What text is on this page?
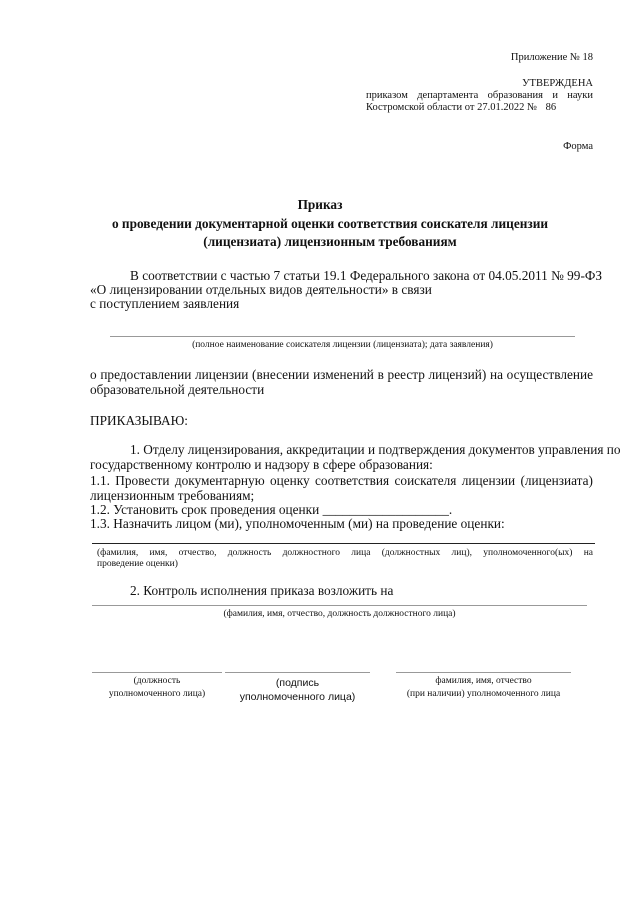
Приложение № 18
УТВЕРЖДЕНА
приказом департамента образования и науки
Костромской области от 27.01.2022 № 86
Форма
Приказ
о проведении документарной оценки соответствия соискателя лицензии
(лицензиата) лицензионным требованиям
В соответствии с частью 7 статьи 19.1 Федерального закона от 04.05.2011 № 99-ФЗ
«О лицензировании отдельных видов деятельности» в связи
с поступлением заявления
(полное наименование соискателя лицензии (лицензиата); дата заявления)
о предоставлении лицензии (внесении изменений в реестр лицензий) на осуществление
образовательной деятельности
ПРИКАЗЫВАЮ:
1. Отделу лицензирования, аккредитации и подтверждения документов управления по
государственному контролю и надзору в сфере образования:
1.1. Провести документарную оценку соответствия соискателя лицензии (лицензиата)
лицензионным требованиям;
1.2. Установить срок проведения оценки ___________________.
1.3. Назначить лицом (ми), уполномоченным (ми) на проведение оценки:
(фамилия, имя, отчество, должность должностного лица (должностных лиц), уполномоченного(ых) на
проведение оценки)
2. Контроль исполнения приказа возложить на
(фамилия, имя, отчество, должность должностного лица)
(должность
уполномоченного лица)
(подпись
уполномоченного лица)
фамилия, имя, отчество
(при наличии) уполномоченного лица
